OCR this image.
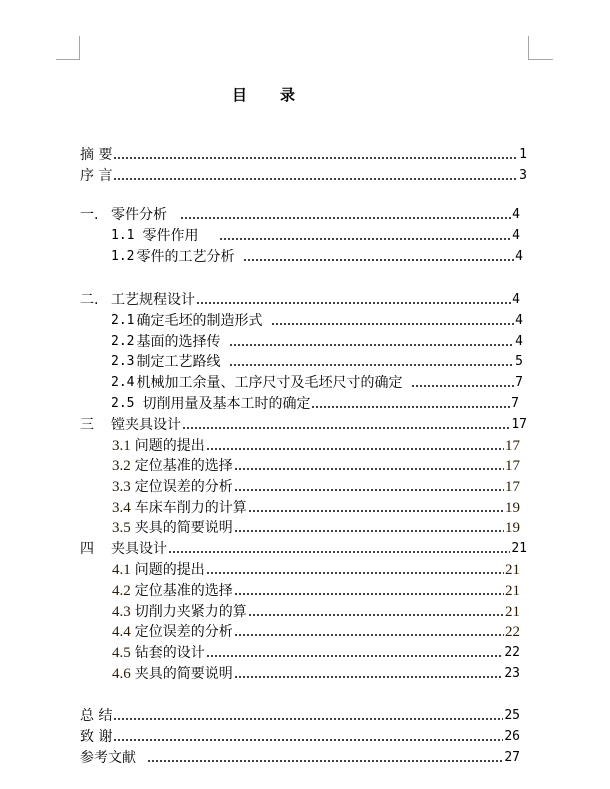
目 录
摘 要	1
序 言	3
一. 零件分析	4
1.1 零件作用	4
1.2 零件的工艺分析	4
二. 工艺规程设计	4
2.1 确定毛坯的制造形式	4
2.2 基面的选择传	4
2.3 制定工艺路线	5
2.4 机械加工余量、工序尺寸及毛坯尺寸的确定	7
2.5 切削用量及基本工时的确定	7
三	镗夹具设计	17
3.1 问题的提出	17
3.2 定位基准的选择	17
3.3 定位误差的分析	17
3.4 车床车削力的计算	19
3.5 夹具的简要说明	19
四	夹具设计	21
4.1 问题的提出	21
4.2 定位基准的选择	21
4.3 切削力夹紧力的算	21
4.4 定位误差的分析	22
4.5 钻套的设计	22
4.6 夹具的简要说明	23
总 结	25
致 谢	26
参考文献	27
